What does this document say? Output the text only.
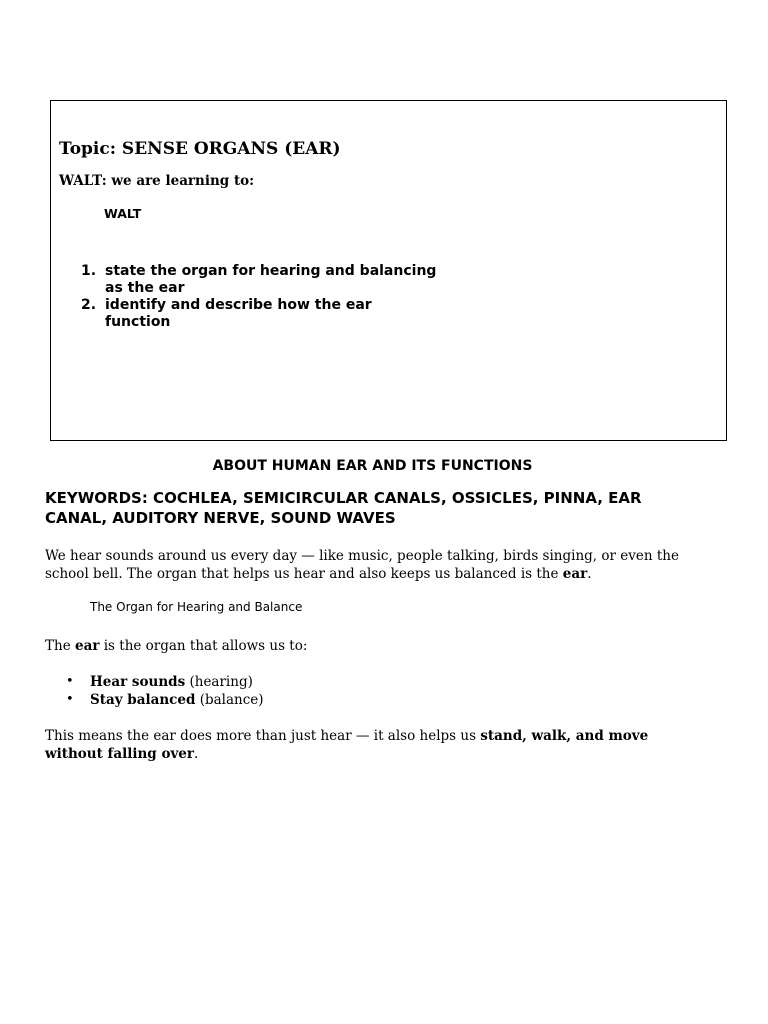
Topic: SENSE ORGANS (EAR)
WALT: we are learning to:
WALT
1. state the organ for hearing and balancing as the ear
2. identify and describe how the ear function
ABOUT HUMAN EAR AND ITS FUNCTIONS
KEYWORDS: COCHLEA, SEMICIRCULAR CANALS, OSSICLES, PINNA, EAR CANAL, AUDITORY NERVE, SOUND WAVES
We hear sounds around us every day — like music, people talking, birds singing, or even the school bell. The organ that helps us hear and also keeps us balanced is the ear.
The Organ for Hearing and Balance
The ear is the organ that allows us to:
• Hear sounds (hearing)
• Stay balanced (balance)
This means the ear does more than just hear — it also helps us stand, walk, and move without falling over.
